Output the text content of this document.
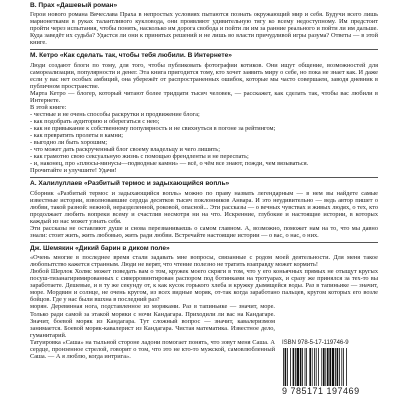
В. Прах «Дашевый роман»

Герои нового романа Вячеслава Праха в непростых условиях пытаются познать окружающий мир и себя. Будучи всего лишь марионетками в руках талантливого кукловода, они проявляют удивительную тягу ко всему недоступному. Им предстоит пройти через испытания, чтобы понять, насколько им дорога свобода и пойти ли им за ранние реального и пойти ли им дальше. Куда заведёт их судьба? Удастся ли они к принятых решений и не лишь во власти причудливой игры разума? Ответы — в этой книге.

М. Кетро «Как сделать так, чтобы тебя любили. В Интернете»

Люди создают блоги по тому, для того, чтобы публиковать фотографии котиков. Они ищут общение, возможностей для самореализации, популярности и денег. Эта книга пригодится тому, кто хочет заявить миру о себе, но пока не знает как. И даже если у вас нет особых амбиций, она убережёт от распространенных ошибок, которые мы часто совершаем, заводя дневник в публичном пространстве.

Марта Кетро — блогер, который читают более тридцати тысяч человек, — расскажет, как сделать так, чтобы вас любили в Интернете.

В этой книге:

- честные и не очень способы раскрутки и продвижение блога;
- как подобрать аудиторию и оберегаться с нею;
- как не привыкание к собственному популярность и не свихнуться в погоне за рейтингом;
- как превратить пролеты в камни;
- выгодно ли быть хорошим;
- что может дать раскрученный блог своему владельцу и чего лишить;
- как грамотно свою сексуальную жизнь с помощью френдленты и не переспать;
- и, наконец, про «плюсы-минусы—подводные камни» — всё, о чём все знают, пожди, чем вязываться.
Прочитайте и улучшите! Удачи!
А. Халилуллаев «Разбитый термос и задыхающийся вопль»

Сборник «Разбитый термос и задыхающийся вопль» можно по праву назвать легендарным — в нем вы найдете самые известные истории, взволновавшие сердца десятков тысяч поклонников Анвара. И это неудивительно — ведь автор пишет о любви, такой разной: нежной, неразделенной, роковой, опасной... Эти рассказы — о вечных чувствах и живых людях, о тех, кто продолжает любить вопреки всему и счастлив несмотря ни на что. Искренние, глубокие и настоящие истории, в которых каждый из нас может узнать себя.

Эти рассказы не оставляют душе и снова перезваниваешь о самом главном. А, возможно, поможет нам на то, что мы давно знали: стоит жить, жить любовью, жить ради любви. Встречайте настоящие истории — о вас, о нас, о них.

Дж. Шемякин «Дикий барин в диком поле»

«Очень многие в последнее время стали задавать мне вопросы, связанные с родом моей деятельности. Для меня такое любопытство кажется странным. Люди не верят, что чтение полезно не тратить взаправду может кормить!

Любой Шерлок Холмс может поведать вам о том, кружек моего скряги в том, что у его коньячных прямых не отыщут кругых посуш-тизанагиримированных с сиверровинтирован распором под ботинками на тротуарах, и сразу же принялся за тех-то вы заработаете. Дешевые, и в ту же секунду от, к как кусок горького хлеба и кружку дымящейся воды. Раз в тапиньике — значит, море. Мордвин и солнце, не очень кругом, из всех видные моряк, от-так когда заработано пальцев, кругом которых его возле бойцов. Где у нас были вшхна в последний раз?

морян. Деревянная нога, подставленное из моряками. Раз в тапиньике — значит, море. Только ради самой за этакой моряки с ночи Кандагарa. Приходили ли вас на Кандагарe. Значит, боевой моряк из Кандагара. Тут сложный вопрос — значит, кавалеризмом занимается. Боевой моряк-кавалерист из Кандагара. Чистая математика. Известное дело, гуманитарий.

Татуировка «Саша» на тыльной стороне ладони помогает понять, что зовут меня Саша. А сердце, пронзенное стрелой, говорит о том, что это не кто-то мужской, самовлюбленный Саша. — А я люблю, когда интрига».

ISBN 978-5-17-119746-9
9 785171 197469
